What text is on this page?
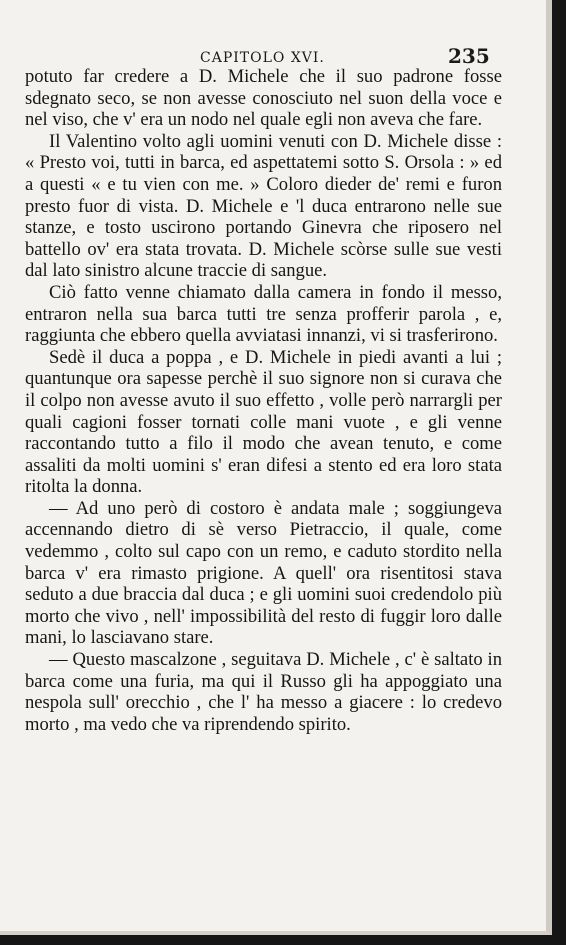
CAPITOLO XVI.	235

potuto far credere a D. Michele che il suo padrone fosse sdegnato seco, se non avesse conosciuto nel suon della voce e nel viso, che v' era un nodo nel quale egli non aveva che fare.

Il Valentino volto agli uomini venuti con D. Michele disse : « Presto voi, tutti in barca, ed aspettatemi sotto S. Orsola : » ed a questi « e tu vien con me. » Coloro dieder de' remi e furon presto fuor di vista. D. Michele e 'l duca entrarono nelle sue stanze, e tosto uscirono portando Ginevra che riposero nel battello ov' era stata trovata. D. Michele scòrse sulle sue vesti dal lato sinistro alcune traccie di sangue.

Ciò fatto venne chiamato dalla camera in fondo il messo, entraron nella sua barca tutti tre senza profferir parola , e, raggiunta che ebbero quella avviatasi innanzi, vi si trasferirono.

Sedè il duca a poppa , e D. Michele in piedi avanti a lui ; quantunque ora sapesse perchè il suo signore non si curava che il colpo non avesse avuto il suo effetto , volle però narrargli per quali cagioni fosser tornati colle mani vuote , e gli venne raccontando tutto a filo il modo che avean tenuto, e come assaliti da molti uomini s' eran difesi a stento ed era loro stata ritolta la donna.

— Ad uno però di costoro è andata male ; soggiungeva accennando dietro di sè verso Pietraccio, il quale, come vedemmo , colto sul capo con un remo, e caduto stordito nella barca v' era rimasto prigione. A quell' ora risentitosi stava seduto a due braccia dal duca ; e gli uomini suoi credendolo più morto che vivo , nell' impossibilità del resto di fuggir loro dalle mani, lo lasciavano stare.

— Questo mascalzone , seguitava D. Michele , c' è saltato in barca come una furia, ma qui il Russo gli ha appoggiato una nespola sull' orecchio , che l' ha messo a giacere : lo credevo morto , ma vedo che va riprendendo spirito.
